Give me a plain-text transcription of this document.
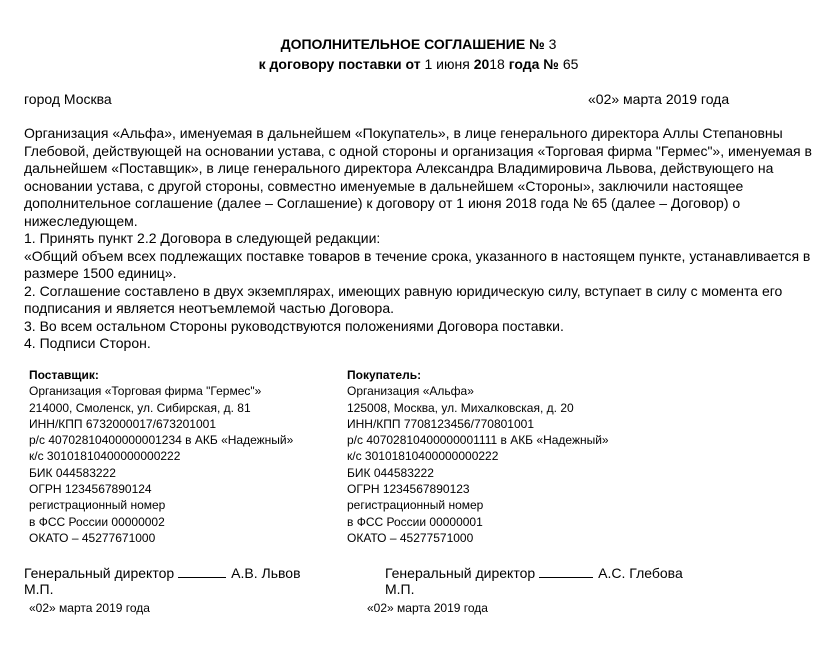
ДОПОЛНИТЕЛЬНОЕ СОГЛАШЕНИЕ № 3
к договору поставки от 1 июня 2018 года № 65
город Москва	«02» марта 2019 года

Организация «Альфа», именуемая в дальнейшем «Покупатель», в лице генерального директора Аллы Степановны Глебовой, действующей на основании устава, с одной стороны и организация «Торговая фирма "Гермес"», именуемая в дальнейшем «Поставщик», в лице генерального директора Александра Владимировича Львова, действующего на основании устава, с другой стороны, совместно именуемые в дальнейшем «Стороны», заключили настоящее дополнительное соглашение (далее – Соглашение) к договору от 1 июня 2018 года № 65 (далее – Договор) о нижеследующем.

1. Принять пункт 2.2 Договора в следующей редакции:

«Общий объем всех подлежащих поставке товаров в течение срока, указанного в настоящем пункте, устанавливается в размере 1500 единиц».

2. Соглашение составлено в двух экземплярах, имеющих равную юридическую силу, вступает в силу с момента его подписания и является неотъемлемой частью Договора.

3. Во всем остальном Стороны руководствуются положениями Договора поставки.

4. Подписи Сторон.

Поставщик:
Организация «Торговая фирма "Гермес"»
214000, Смоленск, ул. Сибирская, д. 81
ИНН/КПП 6732000017/673201001
р/с 40702810400000001234 в АКБ «Надежный»
к/с 30101810400000000222
БИК 044583222
ОГРН 1234567890124
регистрационный номер
в ФСС России 00000002
ОКАТО – 45277671000
Покупатель:
Организация «Альфа»
125008, Москва, ул. Михалковская, д. 20
ИНН/КПП 7708123456/770801001
р/с 40702810400000001111 в АКБ «Надежный»
к/с 30101810400000000222
БИК 044583222
ОГРН 1234567890123
регистрационный номер
в ФСС России 00000001
ОКАТО – 45277571000
Генеральный директор	А.В. Львов
М.П.
«02» марта 2019 года
Генеральный директор	А.С. Глебова
М.П.
«02» марта 2019 года
